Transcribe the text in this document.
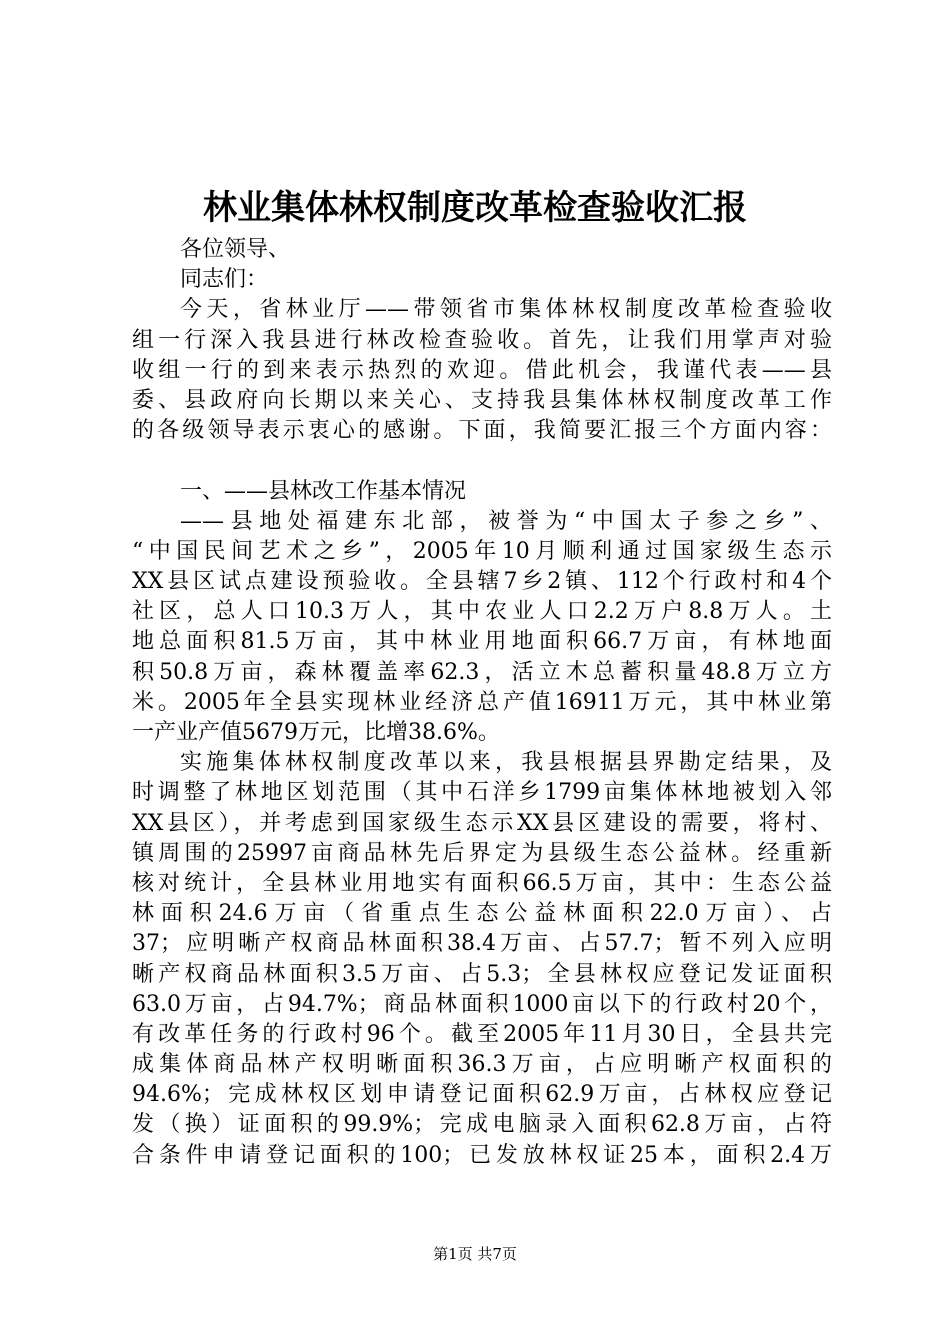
林业集体林权制度改革检查验收汇报
各位领导、
同志们：
今天，省林业厅——带领省市集体林权制度改革检查验收
组一行深入我县进行林改检查验收。首先，让我们用掌声对验
收组一行的到来表示热烈的欢迎。借此机会，我谨代表——县
委、县政府向长期以来关心、支持我县集体林权制度改革工作
的各级领导表示衷心的感谢。下面，我简要汇报三个方面内容：
一、——县林改工作基本情况
——县地处福建东北部，被誉为“中国太子参之乡”、
“中国民间艺术之乡”，2005年10月顺利通过国家级生态示
XX县区试点建设预验收。全县辖7乡2镇、112个行政村和4个
社区，总人口10.3万人，其中农业人口2.2万户8.8万人。土
地总面积81.5万亩，其中林业用地面积66.7万亩，有林地面
积50.8万亩，森林覆盖率62.3，活立木总蓄积量48.8万立方
米。2005年全县实现林业经济总产值16911万元，其中林业第
一产业产值5679万元，比增38.6%。
实施集体林权制度改革以来，我县根据县界勘定结果，及
时调整了林地区划范围（其中石洋乡1799亩集体林地被划入邻
XX县区），并考虑到国家级生态示XX县区建设的需要，将村、
镇周围的25997亩商品林先后界定为县级生态公益林。经重新
核对统计，全县林业用地实有面积66.5万亩，其中：生态公益
林面积24.6万亩（省重点生态公益林面积22.0万亩）、占
37；应明晰产权商品林面积38.4万亩、占57.7；暂不列入应明
晰产权商品林面积3.5万亩、占5.3；全县林权应登记发证面积
63.0万亩，占94.7%；商品林面积1000亩以下的行政村20个，
有改革任务的行政村96个。截至2005年11月30日，全县共完
成集体商品林产权明晰面积36.3万亩，占应明晰产权面积的
94.6%；完成林权区划申请登记面积62.9万亩，占林权应登记
发（换）证面积的99.9%；完成电脑录入面积62.8万亩，占符
合条件申请登记面积的100；已发放林权证25本，面积2.4万
第1页 共7页
